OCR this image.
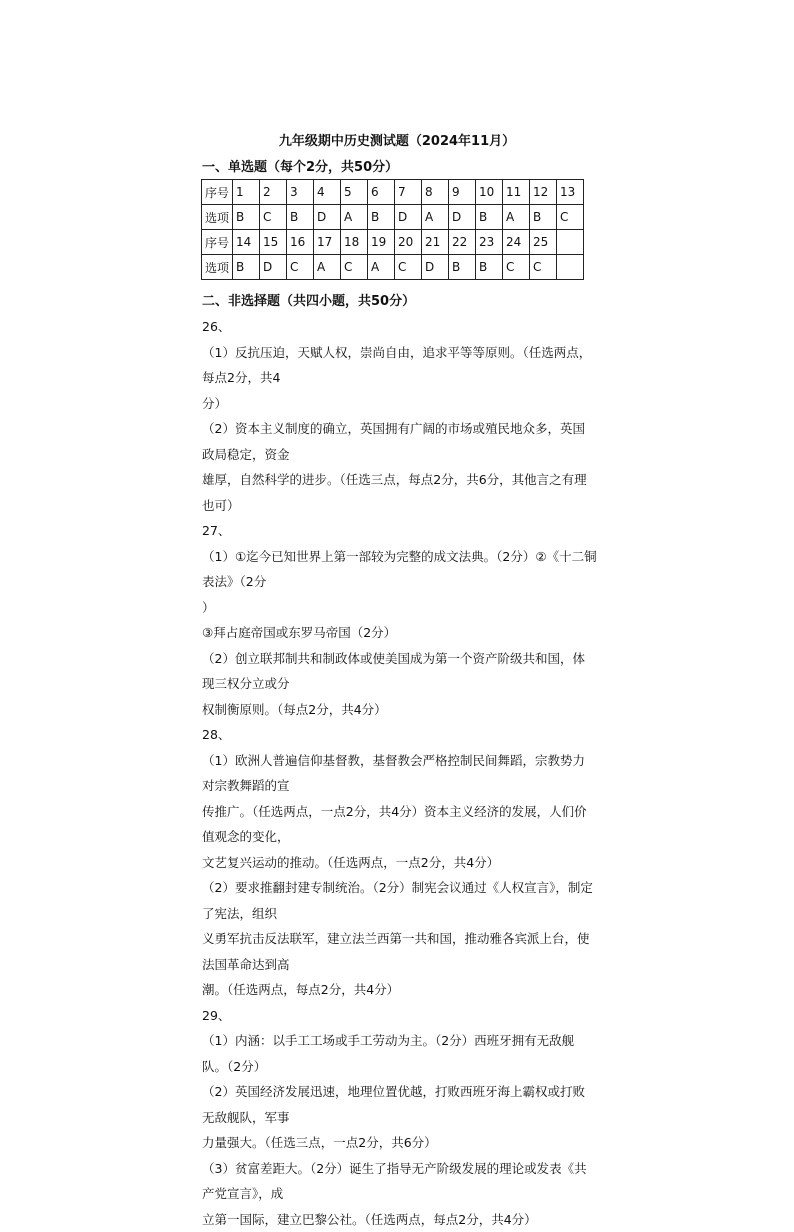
九年级期中历史测试题（2024年11月）
一、单选题（每个2分，共50分）
序号	1	2	3	4	5	6	7	8	9	10	11	12	13
选项	B	C	B	D	A	B	D	A	D	B	A	B	C
序号	14	15	16	17	18	19	20	21	22	23	24	25	
选项	B	D	C	A	C	A	C	D	B	B	C	C	
二、非选择题（共四小题，共50分）

26、

（1）反抗压迫，天赋人权，崇尚自由，追求平等等原则。（任选两点，每点2分，共4

分）

（2）资本主义制度的确立，英国拥有广阔的市场或殖民地众多，英国政局稳定，资金

雄厚，自然科学的进步。（任选三点，每点2分，共6分，其他言之有理也可）

27、

（1）①迄今已知世界上第一部较为完整的成文法典。（2分）②《十二铜表法》（2分

）

③拜占庭帝国或东罗马帝国（2分）

（2）创立联邦制共和制政体或使美国成为第一个资产阶级共和国，体现三权分立或分

权制衡原则。（每点2分，共4分）

28、

（1）欧洲人普遍信仰基督教，基督教会严格控制民间舞蹈，宗教势力对宗教舞蹈的宣

传推广。（任选两点，一点2分，共4分）资本主义经济的发展，人们价值观念的变化，

文艺复兴运动的推动。（任选两点，一点2分，共4分）

（2）要求推翻封建专制统治。（2分）制宪会议通过《人权宣言》，制定了宪法，组织

义勇军抗击反法联军，建立法兰西第一共和国，推动雅各宾派上台，使法国革命达到高

潮。（任选两点，每点2分，共4分）

29、

（1）内涵：以手工工场或手工劳动为主。（2分）西班牙拥有无敌舰队。（2分）

（2）英国经济发展迅速，地理位置优越，打败西班牙海上霸权或打败无敌舰队，军事

力量强大。（任选三点，一点2分，共6分）

（3）贫富差距大。（2分）诞生了指导无产阶级发展的理论或发表《共产党宣言》，成

立第一国际，建立巴黎公社。（任选两点，每点2分，共4分）
